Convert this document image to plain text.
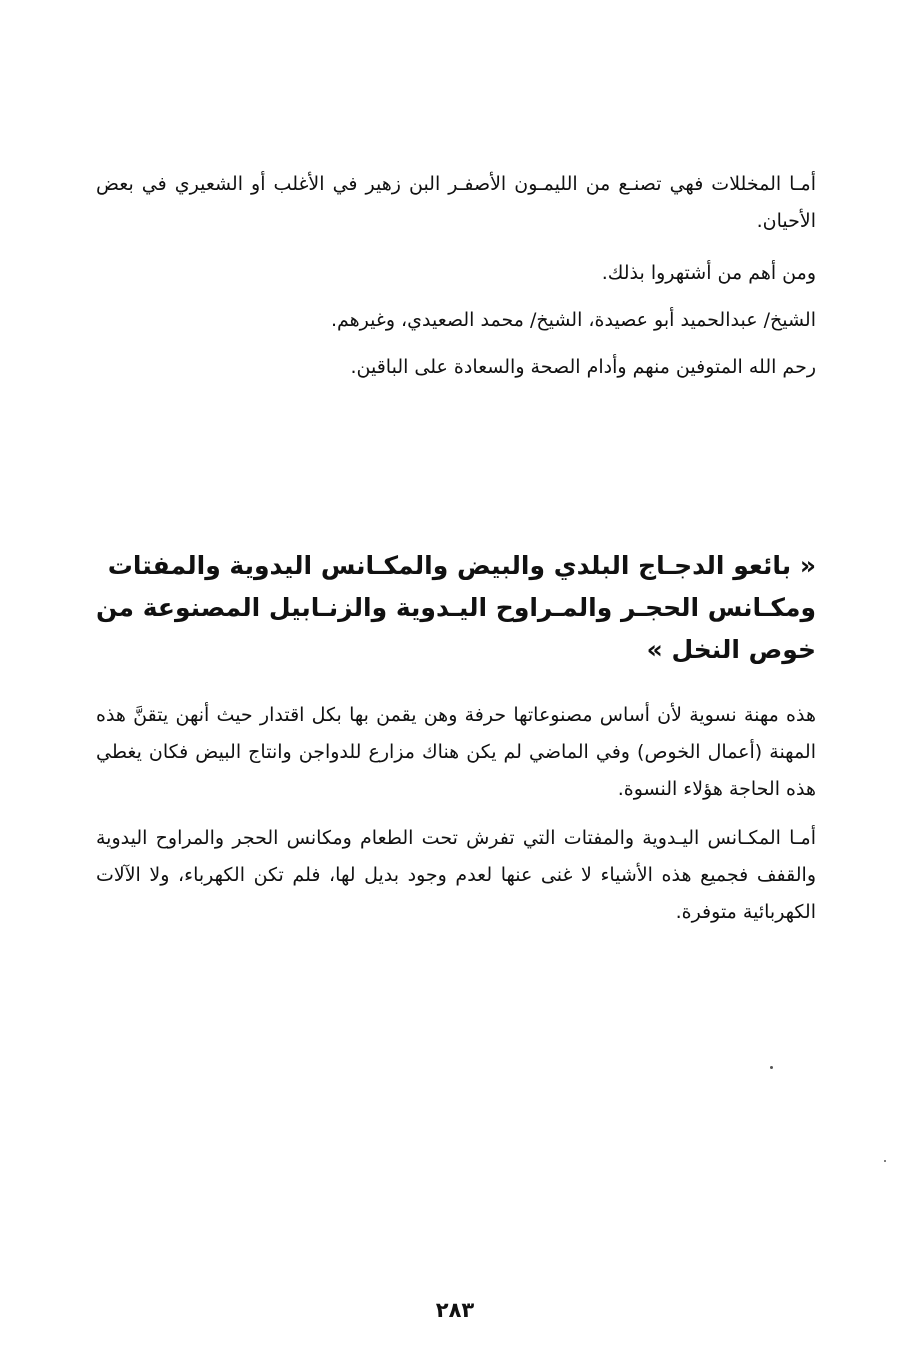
أمـا المخللات فهي تصنـع من الليمـون الأصفـر البن زهير في الأغلب أو الشعيري في بعض الأحيان.
ومن أهم من أشتهروا بذلك.
الشيخ/ عبدالحميد أبو عصيدة، الشيخ/ محمد الصعيدي، وغيرهم.
رحم الله المتوفين منهم وأدام الصحة والسعادة على الباقين.
« بائعو الدجـاج البلدي والبيض والمكـانس اليدوية والمفتات ومكـانس الحجـر والمـراوح اليـدوية والزنـابيل المصنوعة من خوص النخل »
هذه مهنة نسوية لأن أساس مصنوعاتها حرفة وهن يقمن بها بكل اقتدار حيث أنهن يتقنَّ هذه المهنة (أعمال الخوص) وفي الماضي لم يكن هناك مزارع للدواجن وانتاج البيض فكان يغطي هذه الحاجة هؤلاء النسوة.
أمـا المكـانس اليـدوية والمفتات التي تفرش تحت الطعام ومكانس الحجر والمراوح اليدوية والقفف فجميع هذه الأشياء لا غنى عنها لعدم وجود بديل لها، فلم تكن الكهرباء، ولا الآلات الكهربائية متوفرة.
٢٨٣
